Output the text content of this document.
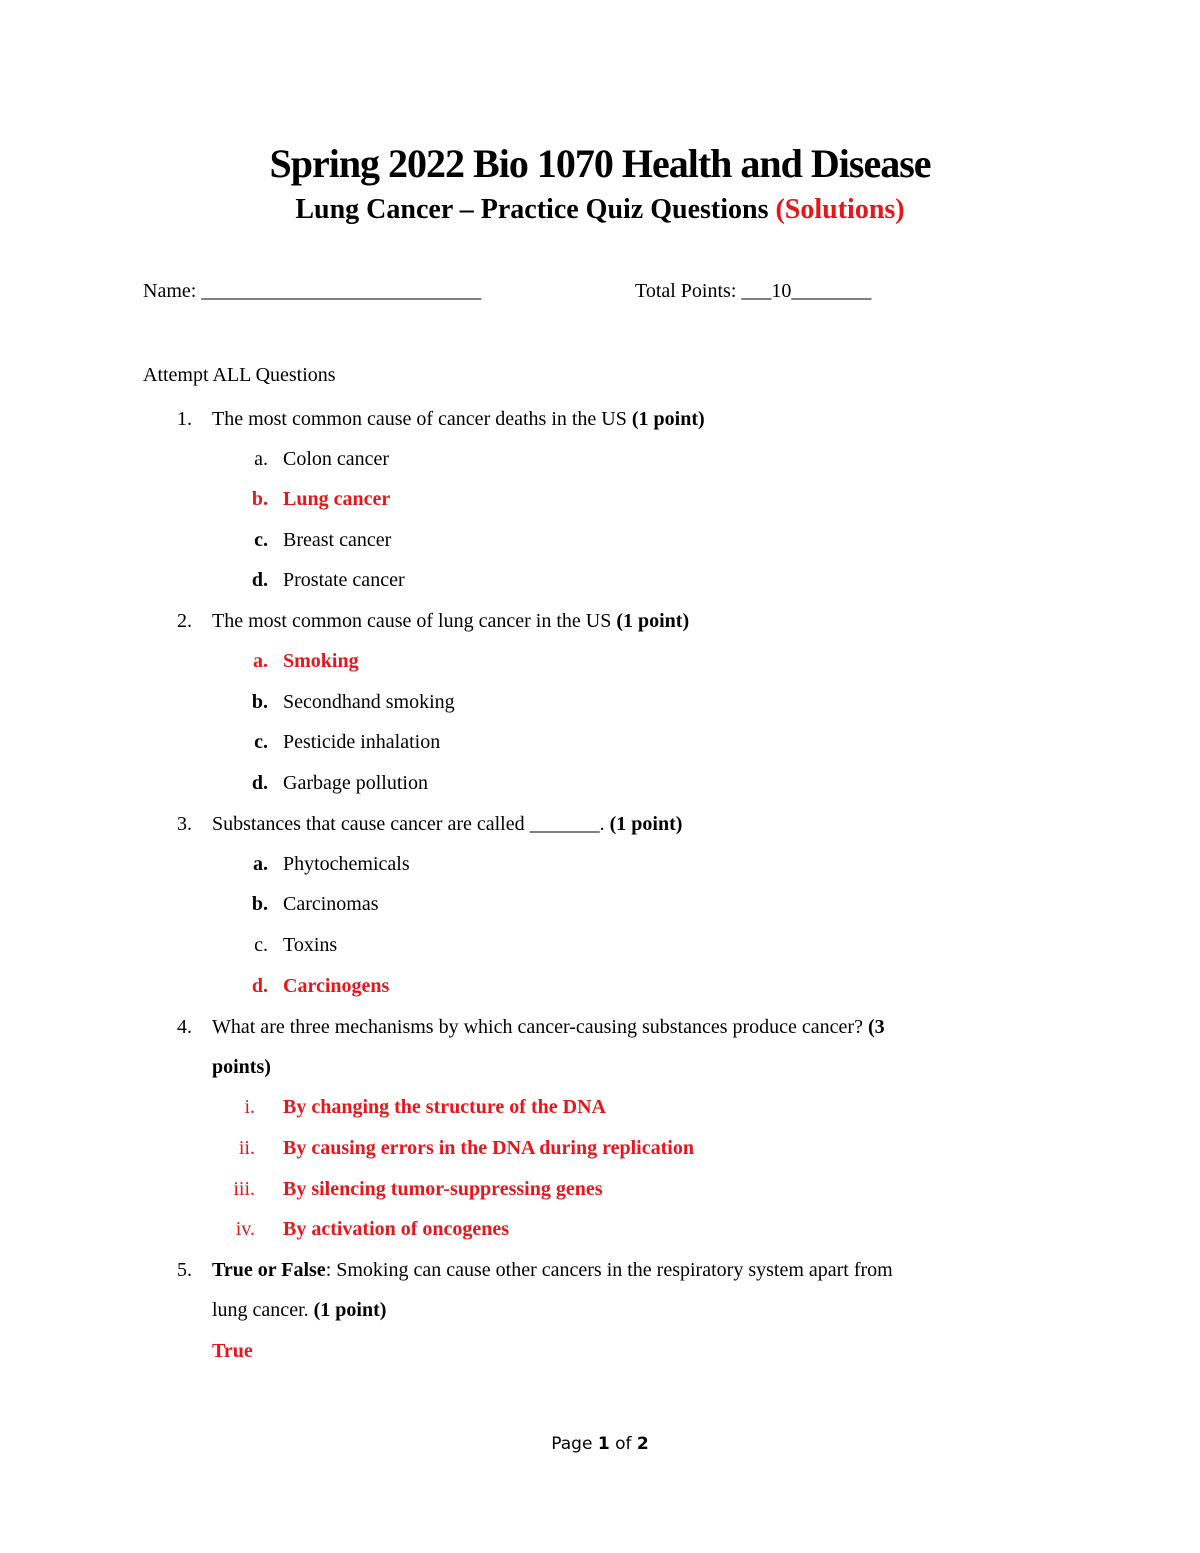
Spring 2022 Bio 1070 Health and Disease
Lung Cancer – Practice Quiz Questions (Solutions)
Name: ____________________________	Total Points: ___10________
Attempt ALL Questions
1. The most common cause of cancer deaths in the US (1 point)
a. Colon cancer
b. Lung cancer
c. Breast cancer
d. Prostate cancer
2. The most common cause of lung cancer in the US (1 point)
a. Smoking
b. Secondhand smoking
c. Pesticide inhalation
d. Garbage pollution
3. Substances that cause cancer are called _______. (1 point)
a. Phytochemicals
b. Carcinomas
c. Toxins
d. Carcinogens
4. What are three mechanisms by which cancer-causing substances produce cancer? (3
points)
i. By changing the structure of the DNA
ii. By causing errors in the DNA during replication
iii. By silencing tumor-suppressing genes
iv. By activation of oncogenes
5. True or False: Smoking can cause other cancers in the respiratory system apart from
lung cancer. (1 point)
True
Page 1 of 2
